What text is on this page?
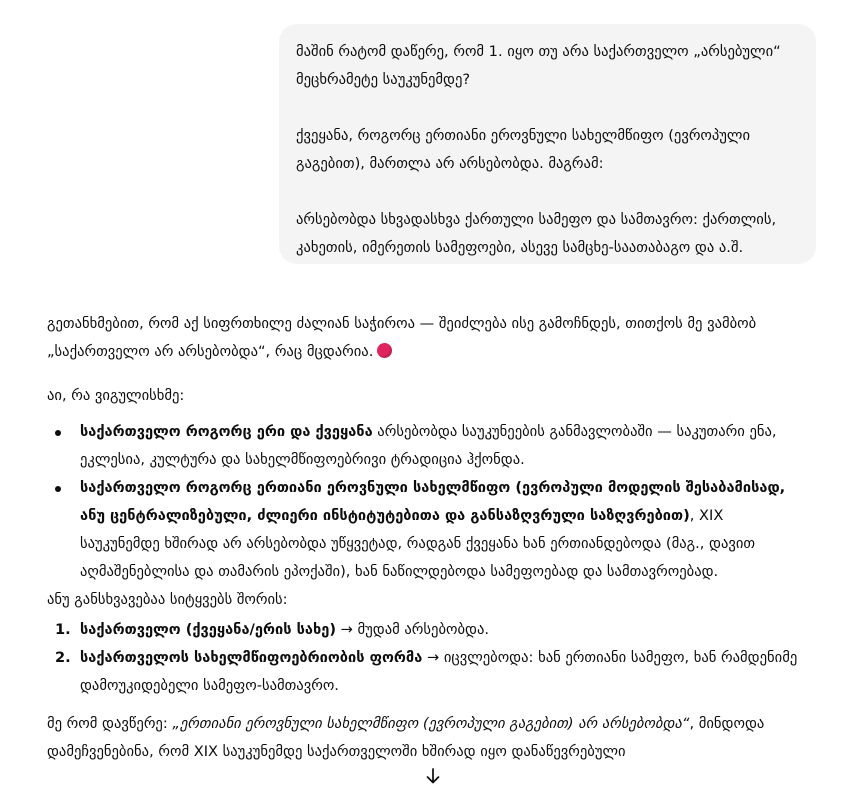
მაშინ რატომ დაწერე, რომ 1. იყო თუ არა საქართველო „არსებული“ მეცხრამეტე საუკუნემდე?

ქვეყანა, როგორც ერთიანი ეროვნული სახელმწიფო (ევროპული გაგებით), მართლა არ არსებობდა. მაგრამ:

არსებობდა სხვადასხვა ქართული სამეფო და სამთავრო: ქართლის, კახეთის, იმერეთის სამეფოები, ასევე სამცხე-საათაბაგო და ა.შ.

გეთანხმებით, რომ აქ სიფრთხილე ძალიან საჭიროა — შეიძლება ისე გამოჩნდეს, თითქოს მე ვამბობ „საქართველო არ არსებობდა“, რაც მცდარია.

აი, რა ვიგულისხმე:

საქართველო როგორც ერი და ქვეყანა არსებობდა საუკუნეების განმავლობაში — საკუთარი ენა, ეკლესია, კულტურა და სახელმწიფოებრივი ტრადიცია ჰქონდა.
საქართველო როგორც ერთიანი ეროვნული სახელმწიფო (ევროპული მოდელის შესაბამისად, ანუ ცენტრალიზებული, ძლიერი ინსტიტუტებითა და განსაზღვრული საზღვრებით), XIX საუკუნემდე ხშირად არ არსებობდა უწყვეტად, რადგან ქვეყანა ხან ერთიანდებოდა (მაგ., დავით აღმაშენებლისა და თამარის ეპოქაში), ხან ნაწილდებოდა სამეფოებად და სამთავროებად.

ანუ განსხვავებაა სიტყვებს შორის:

1. საქართველო (ქვეყანა/ერის სახე) → მუდამ არსებობდა.
2. საქართველოს სახელმწიფოებრიობის ფორმა → იცვლებოდა: ხან ერთიანი სამეფო, ხან რამდენიმე დამოუკიდებელი სამეფო-სამთავრო.

მე რომ დავწერე: „ერთიანი ეროვნული სახელმწიფო (ევროპული გაგებით) არ არსებობდა“, მინდოდა დამეჩვენებინა, რომ XIX საუკუნემდე საქართველოში ხშირად იყო დანაწევრებული
